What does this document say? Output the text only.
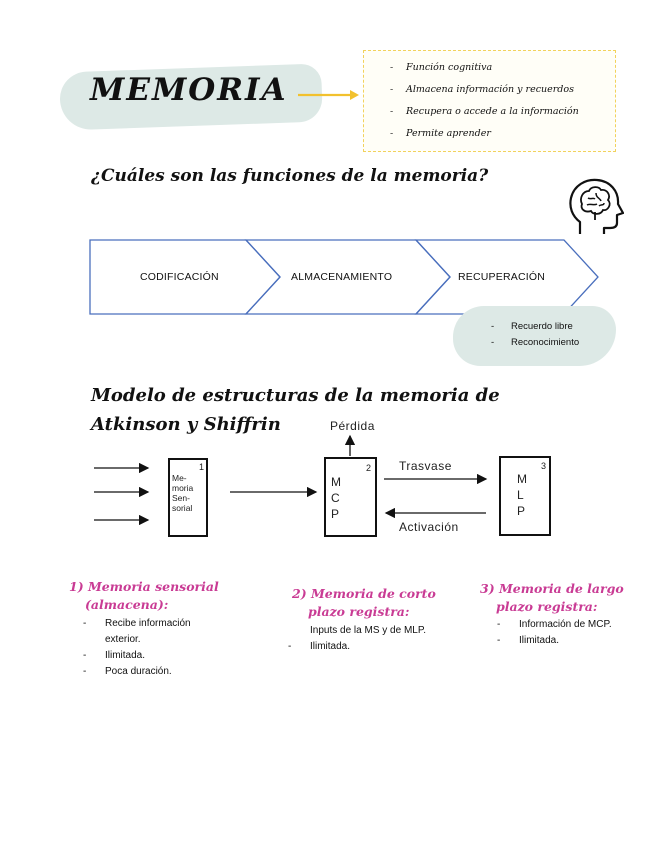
MEMORIA
- Función cognitiva
- Almacena información y recuerdos
- Recupera o accede a la información
- Permite aprender
¿Cuáles son las funciones de la memoria?
CODIFICACIÓN	ALMACENAMIENTO	RECUPERACIÓN
- Recuerdo libre
- Reconocimiento
Modelo de estructuras de la memoria de Atkinson y Shiffrin	Pérdida
Trasvase
Activación
1
Me-
moria
Sen-
sorial
2
M
C
P
3
M
L
P
1) Memoria sensorial
(almacena):
- Recibe información exterior.
- Ilimitada.
- Poca duración.
2) Memoria de corto
plazo registra:
Inputs de la MS y de MLP.
- Ilimitada.
3) Memoria de largo
plazo registra:
- Información de MCP.
- Ilimitada.
